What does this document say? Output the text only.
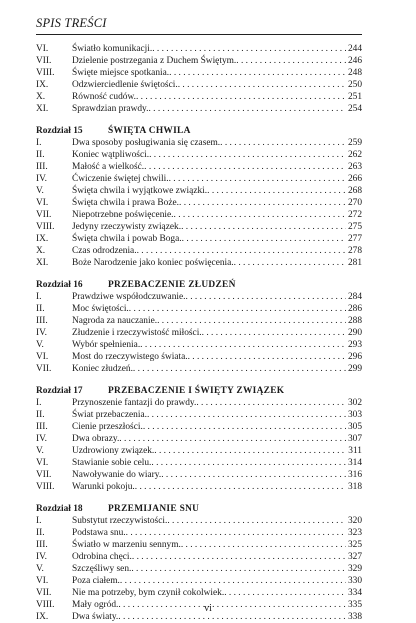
SPIS TREŚCI
VI.	Światło komunikacji. . . .	244
VII.	Dzielenie postrzegania z Duchem Świętym. . . .	246
VIII.	Święte miejsce spotkania. . . .	248
IX.	Odzwierciedlenie świętości. . . .	250
X.	Równość cudów. . . .	251
XI.	Sprawdzian prawdy. . . .	254
Rozdział 15	ŚWIĘTA CHWILA
I.	Dwa sposoby posługiwania się czasem. . . .	259
II.	Koniec wątpliwości. . . .	262
III.	Małość a wielkość. . . .	263
IV.	Ćwiczenie świętej chwili. . . .	266
V.	Święta chwila i wyjątkowe związki. . . .	268
VI.	Święta chwila i prawa Boże. . . .	270
VII.	Niepotrzebne poświęcenie. . . .	272
VIII.	Jedyny rzeczywisty związek. . . .	275
IX.	Święta chwila i powab Boga. . . .	277
X.	Czas odrodzenia. . . .	278
XI.	Boże Narodzenie jako koniec poświęcenia. . . .	281
Rozdział 16	PRZEBACZENIE ZŁUDZEŃ
I.	Prawdziwe współodczuwanie. . . .	284
II.	Moc świętości. . . .	286
III.	Nagroda za nauczanie. . . .	288
IV.	Złudzenie i rzeczywistość miłości. . . .	290
V.	Wybór spełnienia. . . .	293
VI.	Most do rzeczywistego świata. . . .	296
VII.	Koniec złudzeń. . . .	299
Rozdział 17	PRZEBACZENIE I ŚWIĘTY ZWIĄZEK
I.	Przynoszenie fantazji do prawdy. . . .	302
II.	Świat przebaczenia. . . .	303
III.	Cienie przeszłości. . . .	305
IV.	Dwa obrazy. . . .	307
V.	Uzdrowiony związek. . . .	311
VI.	Stawianie sobie celu. . . .	314
VII.	Nawoływanie do wiary. . . .	316
VIII.	Warunki pokoju. . . .	318
Rozdział 18	PRZEMIJANIE SNU
I.	Substytut rzeczywistości. . . .	320
II.	Podstawa snu. . . .	323
III.	Światło w marzeniu sennym. . . .	325
IV.	Odrobina chęci. . . .	327
V.	Szczęśliwy sen. . . .	329
VI.	Poza ciałem. . . .	330
VII.	Nie ma potrzeby, bym czynił cokolwiek. . . .	334
VIII.	Mały ogród. . . .	335
IX.	Dwa światy. . . .	338
vi
